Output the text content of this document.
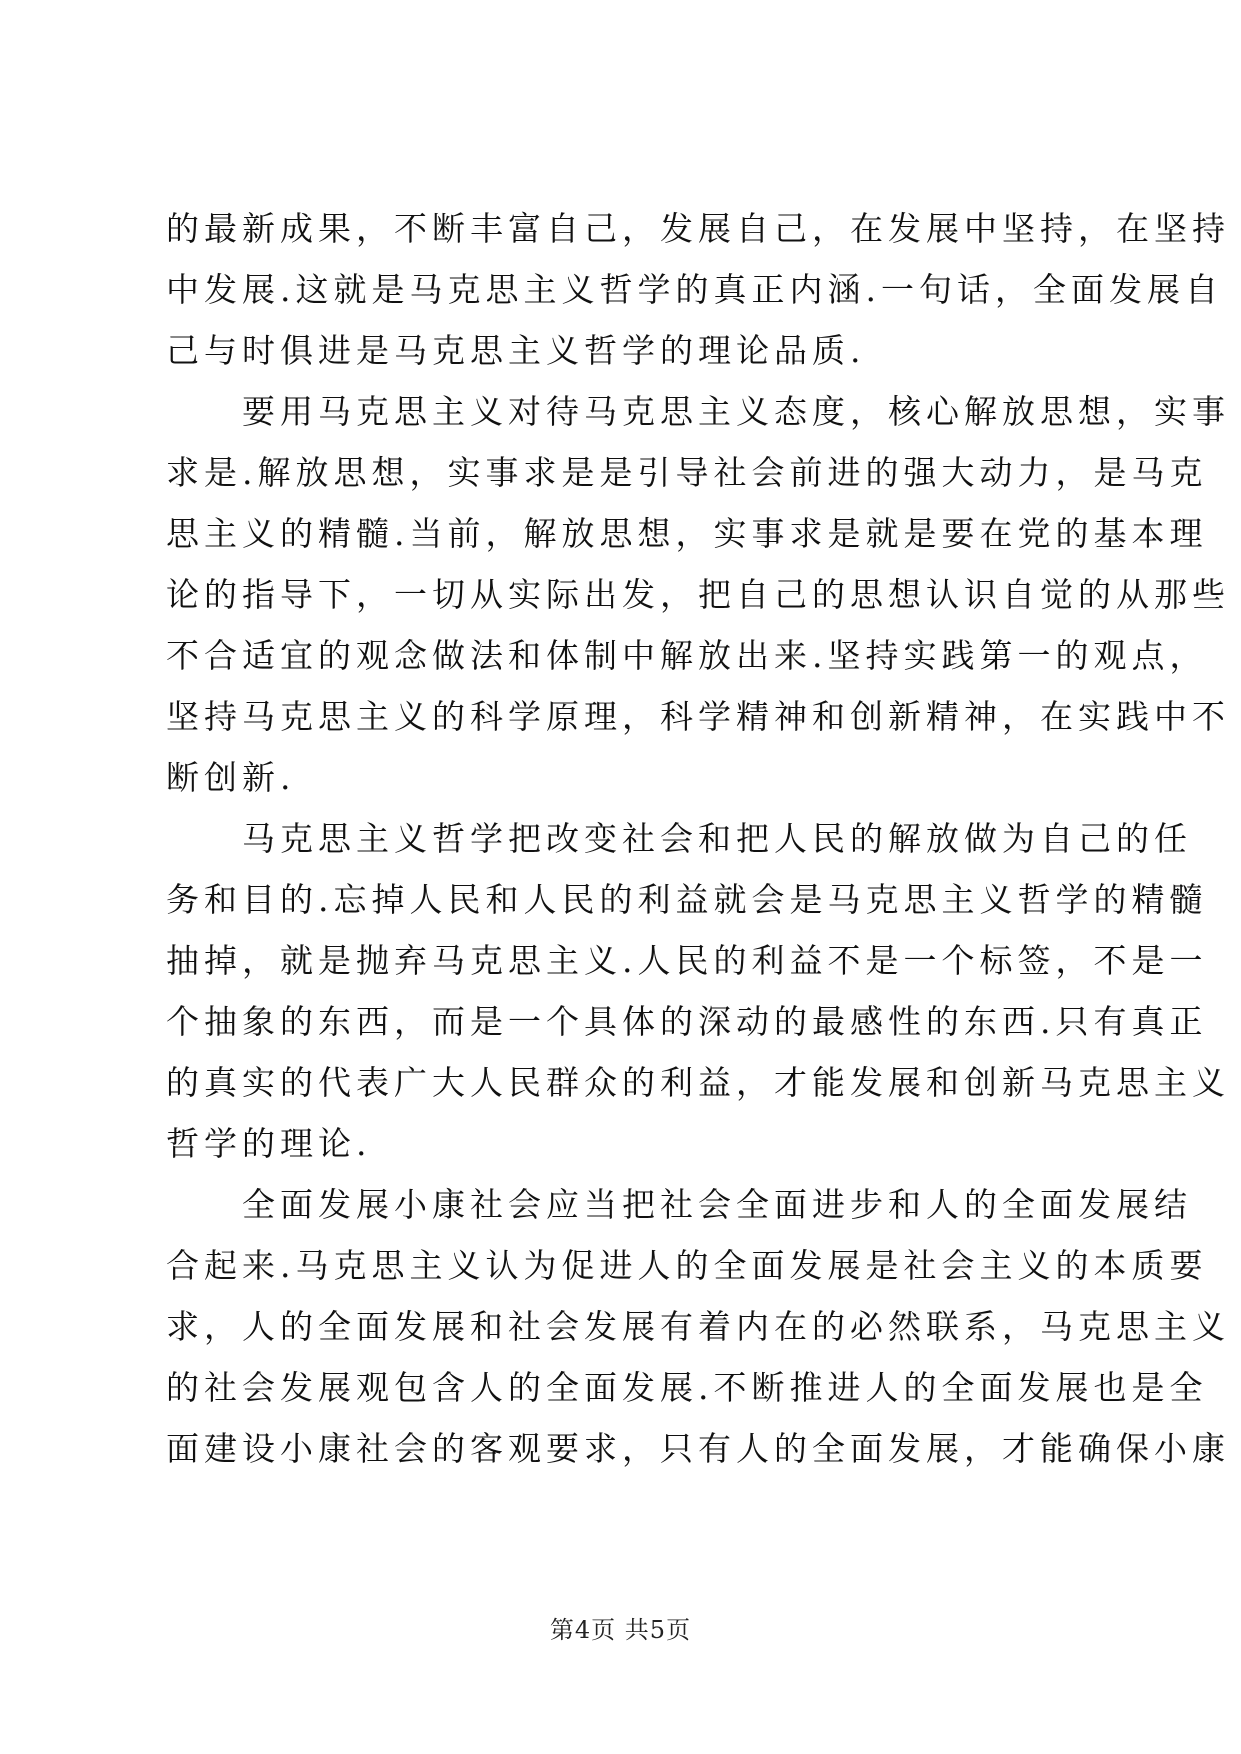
的最新成果，不断丰富自己，发展自己，在发展中坚持，在坚持
中发展.这就是马克思主义哲学的真正内涵.一句话，全面发展自
己与时俱进是马克思主义哲学的理论品质.

　　要用马克思主义对待马克思主义态度，核心解放思想，实事
求是.解放思想，实事求是是引导社会前进的强大动力，是马克
思主义的精髓.当前，解放思想，实事求是就是要在党的基本理
论的指导下，一切从实际出发，把自己的思想认识自觉的从那些
不合适宜的观念做法和体制中解放出来.坚持实践第一的观点，
坚持马克思主义的科学原理，科学精神和创新精神，在实践中不
断创新.

　　马克思主义哲学把改变社会和把人民的解放做为自己的任
务和目的.忘掉人民和人民的利益就会是马克思主义哲学的精髓
抽掉，就是抛弃马克思主义.人民的利益不是一个标签，不是一
个抽象的东西，而是一个具体的深动的最感性的东西.只有真正
的真实的代表广大人民群众的利益，才能发展和创新马克思主义
哲学的理论.

　　全面发展小康社会应当把社会全面进步和人的全面发展结
合起来.马克思主义认为促进人的全面发展是社会主义的本质要
求，人的全面发展和社会发展有着内在的必然联系，马克思主义
的社会发展观包含人的全面发展.不断推进人的全面发展也是全
面建设小康社会的客观要求，只有人的全面发展，才能确保小康

第4页 共5页
